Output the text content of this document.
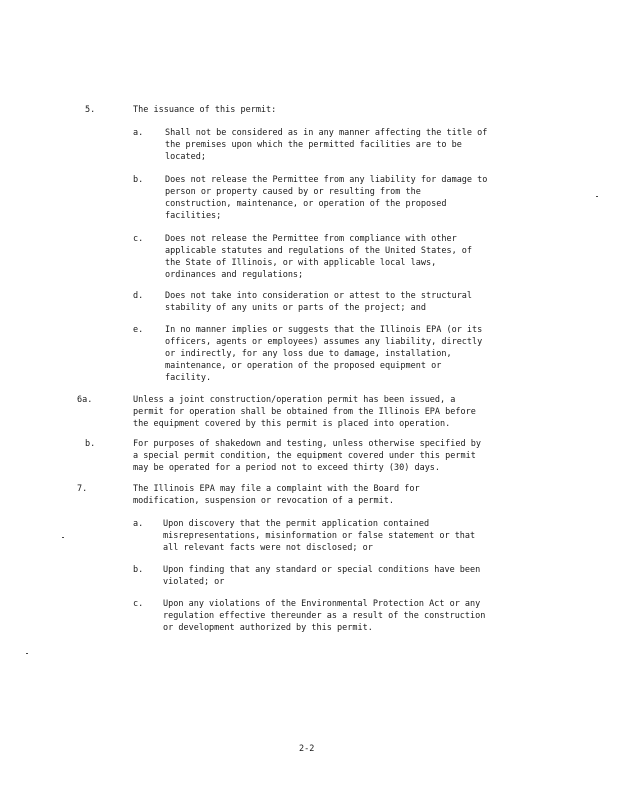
5.	The issuance of this permit:
a.	Shall not be considered as in any manner affecting the title of
the premises upon which the permitted facilities are to be
located;
b.	Does not release the Permittee from any liability for damage to
person or property caused by or resulting from the
construction, maintenance, or operation of the proposed
facilities;
c.	Does not release the Permittee from compliance with other
applicable statutes and regulations of the United States, of
the State of Illinois, or with applicable local laws,
ordinances and regulations;
d.	Does not take into consideration or attest to the structural
stability of any units or parts of the project; and
e.	In no manner implies or suggests that the Illinois EPA (or its
officers, agents or employees) assumes any liability, directly
or indirectly, for any loss due to damage, installation,
maintenance, or operation of the proposed equipment or
facility.
6a.	Unless a joint construction/operation permit has been issued, a
permit for operation shall be obtained from the Illinois EPA before
the equipment covered by this permit is placed into operation.
b.	For purposes of shakedown and testing, unless otherwise specified by
a special permit condition, the equipment covered under this permit
may be operated for a period not to exceed thirty (30) days.
7.	The Illinois EPA may file a complaint with the Board for
modification, suspension or revocation of a permit.
a. Upon discovery that the permit application contained
misrepresentations, misinformation or false statement or that
all relevant facts were not disclosed; or
b. Upon finding that any standard or special conditions have been
violated; or
c. Upon any violations of the Environmental Protection Act or any
regulation effective thereunder as a result of the construction
or development authorized by this permit.
2-2
